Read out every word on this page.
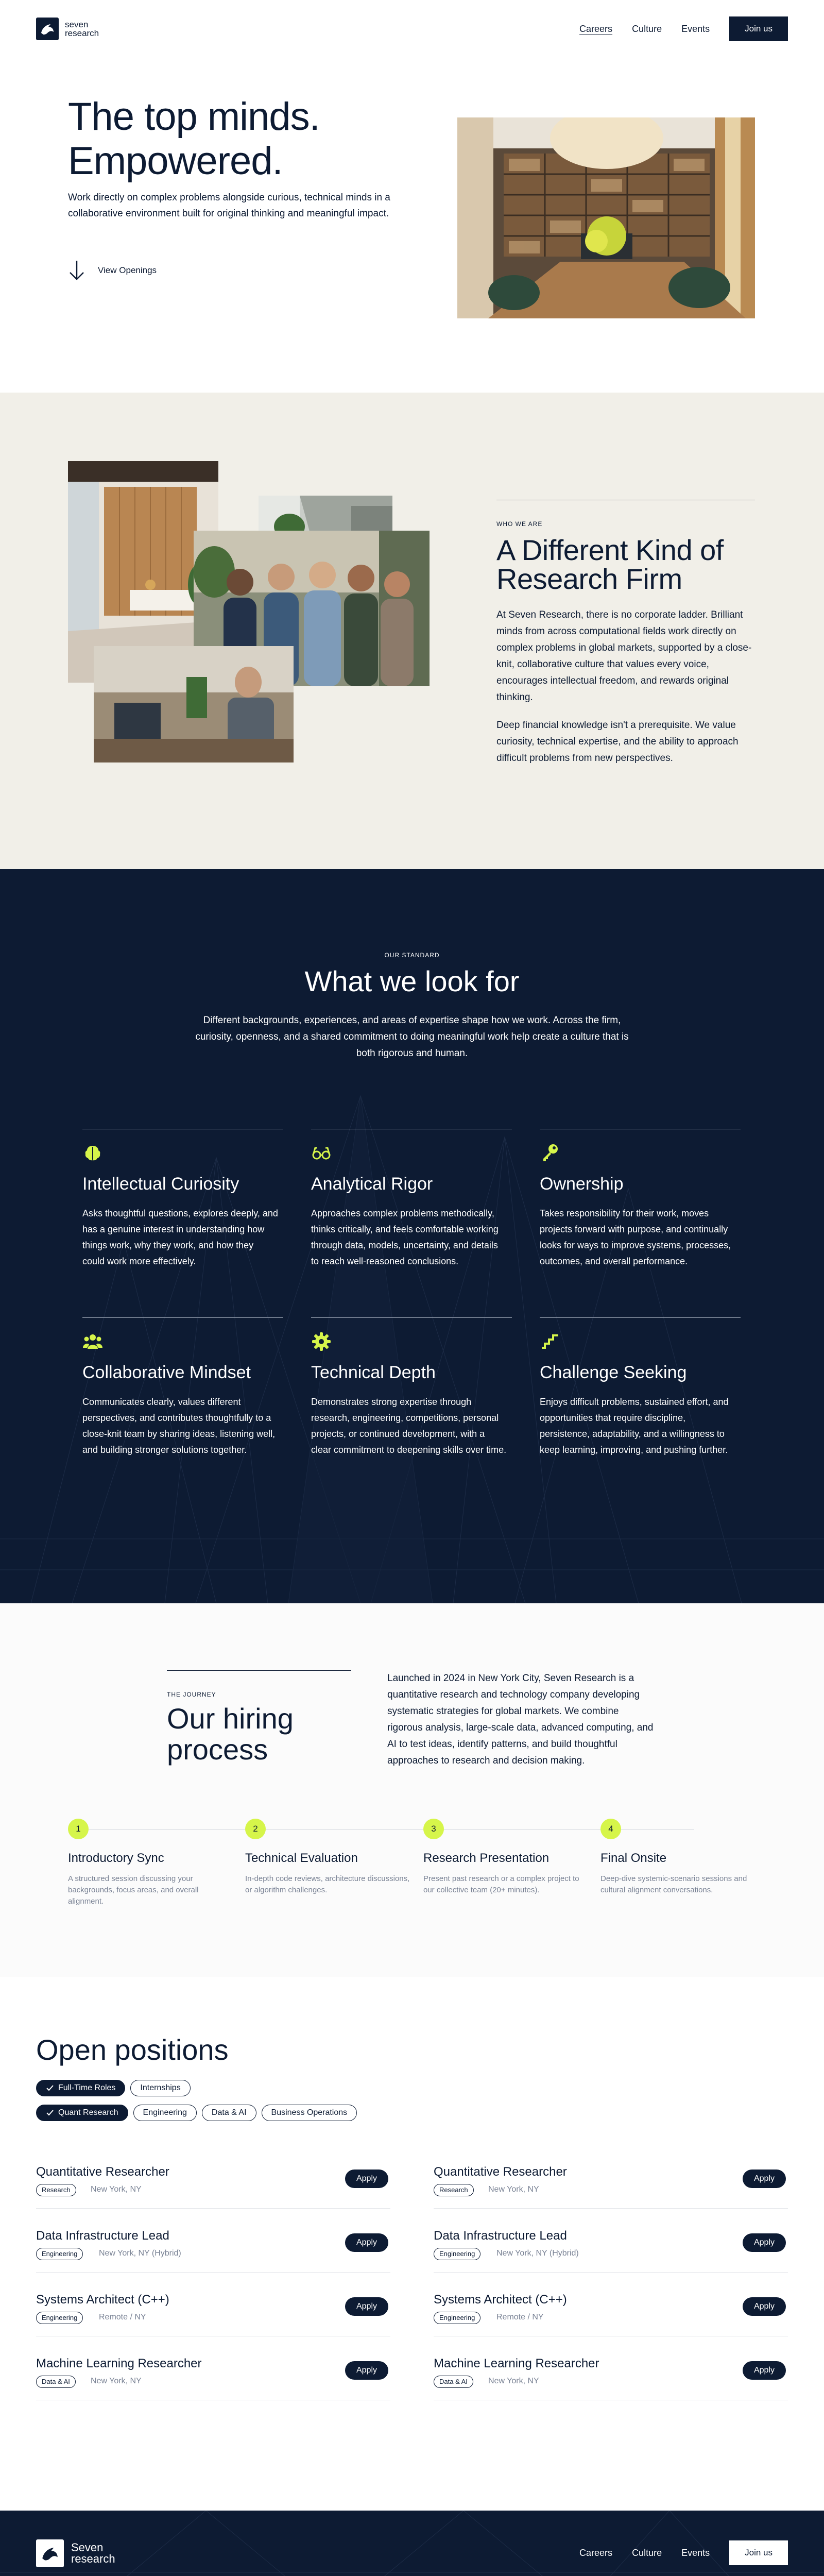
seven
research	Careers Culture Events	Join us
The top minds.
Empowered.

Work directly on complex problems alongside curious, technical minds in a collaborative environment built for original thinking and meaningful impact.

View Openings
WHO WE ARE
A Different Kind of Research Firm

At Seven Research, there is no corporate ladder. Brilliant minds from across computational fields work directly on complex problems in global markets, supported by a close-knit, collaborative culture that values every voice, encourages intellectual freedom, and rewards original thinking.

Deep financial knowledge isn't a prerequisite. We value curiosity, technical expertise, and the ability to approach difficult problems from new perspectives.

OUR STANDARD
What we look for

Different backgrounds, experiences, and areas of expertise shape how we work. Across the firm, curiosity, openness, and a shared commitment to doing meaningful work help create a culture that is both rigorous and human.

Intellectual Curiosity

Asks thoughtful questions, explores deeply, and has a genuine interest in understanding how things work, why they work, and how they could work more effectively.

Analytical Rigor

Approaches complex problems methodically, thinks critically, and feels comfortable working through data, models, uncertainty, and details to reach well-reasoned conclusions.

Ownership

Takes responsibility for their work, moves projects forward with purpose, and continually looks for ways to improve systems, processes, outcomes, and overall performance.

Collaborative Mindset

Communicates clearly, values different perspectives, and contributes thoughtfully to a close-knit team by sharing ideas, listening well, and building stronger solutions together.

Technical Depth

Demonstrates strong expertise through research, engineering, competitions, personal projects, or continued development, with a clear commitment to deepening skills over time.

Challenge Seeking

Enjoys difficult problems, sustained effort, and opportunities that require discipline, persistence, adaptability, and a willingness to keep learning, improving, and pushing further.

THE JOURNEY
Our hiring
process

Launched in 2024 in New York City, Seven Research is a quantitative research and technology company developing systematic strategies for global markets. We combine rigorous analysis, large-scale data, advanced computing, and AI to test ideas, identify patterns, and build thoughtful approaches to research and decision making.

1
Introductory Sync

A structured session discussing your backgrounds, focus areas, and overall alignment.

2
Technical Evaluation

In-depth code reviews, architecture discussions, or algorithm challenges.

3
Research Presentation

Present past research or a complex project to our collective team (20+ minutes).

4
Final Onsite

Deep-dive systemic-scenario sessions and cultural alignment conversations.

Open positions
Full-Time Roles	Internships
Quant Research	Engineering	Data & AI	Business Operations
Quantitative Researcher
Research	New York, NY
Apply	Quantitative Researcher
Research	New York, NY
Apply
Data Infrastructure Lead
Engineering	New York, NY (Hybrid)
Apply	Data Infrastructure Lead
Engineering	New York, NY (Hybrid)
Apply
Systems Architect (C++)
Engineering	Remote / NY
Apply	Systems Architect (C++)
Engineering	Remote / NY
Apply
Machine Learning Researcher
Data & AI	New York, NY
Apply	Machine Learning Researcher
Data & AI	New York, NY
Apply
Seven
research	Careers Culture Events	Join us
